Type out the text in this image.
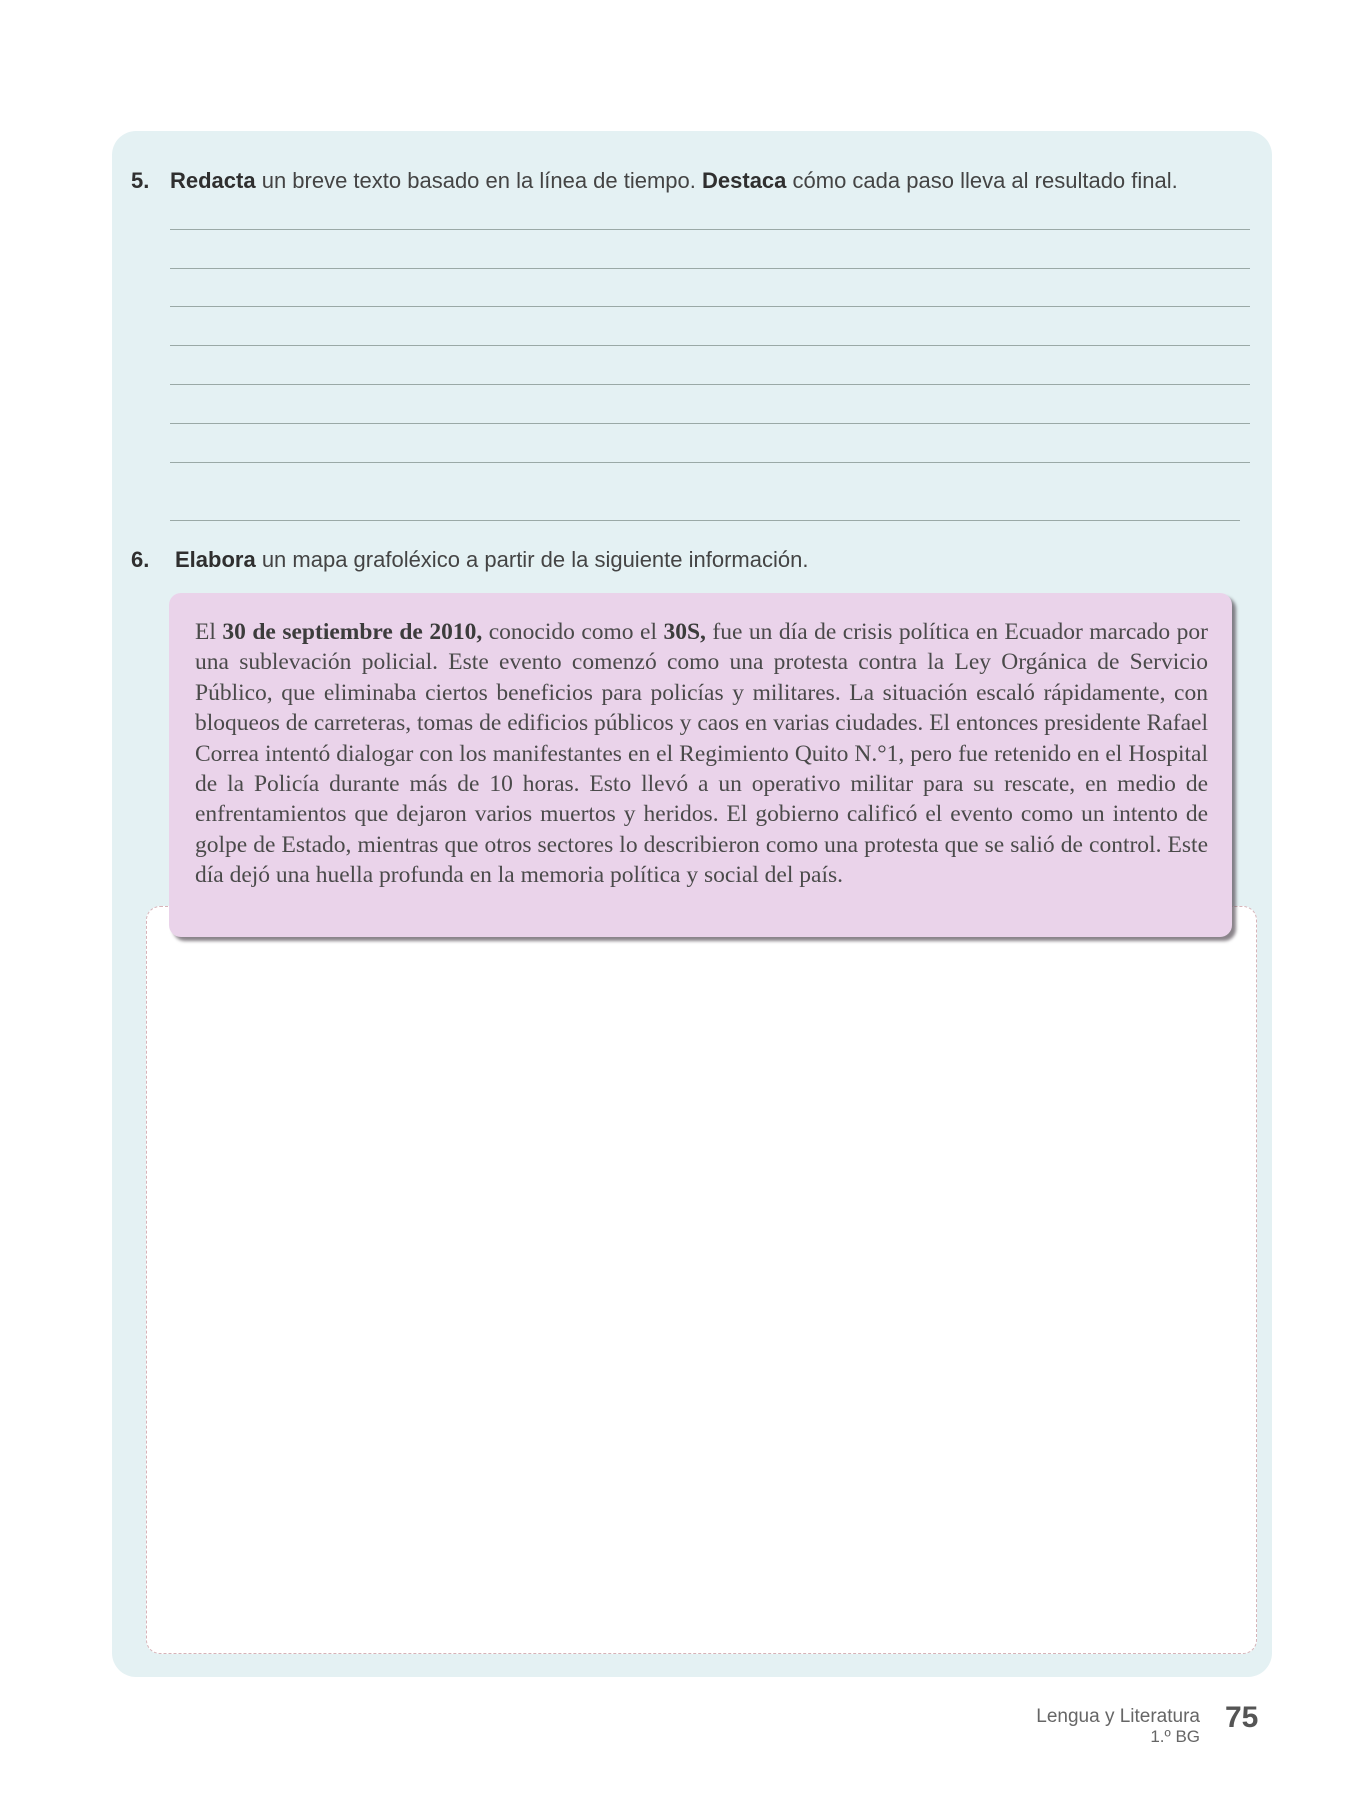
5. Redacta un breve texto basado en la línea de tiempo. Destaca cómo cada paso lleva al resultado final.
6. Elabora un mapa grafoléxico a partir de la siguiente información.

El 30 de septiembre de 2010, conocido como el 30S, fue un día de crisis política en Ecuador marcado por una sublevación policial. Este evento comenzó como una protesta contra la Ley Orgánica de Servicio Público, que eliminaba ciertos beneficios para policías y militares. La situación escaló rápidamente, con bloqueos de carreteras, tomas de edificios públicos y caos en varias ciudades. El entonces presidente Rafael Correa intentó dialogar con los manifestantes en el Regimiento Quito N.°1, pero fue retenido en el Hospital de la Policía durante más de 10 horas. Esto llevó a un operativo militar para su rescate, en medio de enfrentamientos que dejaron varios muertos y heridos. El gobierno calificó el evento como un intento de golpe de Estado, mientras que otros sectores lo describieron como una protesta que se salió de control. Este día dejó una huella profunda en la memoria política y social del país.

Lengua y Literatura
1.º BG
75
